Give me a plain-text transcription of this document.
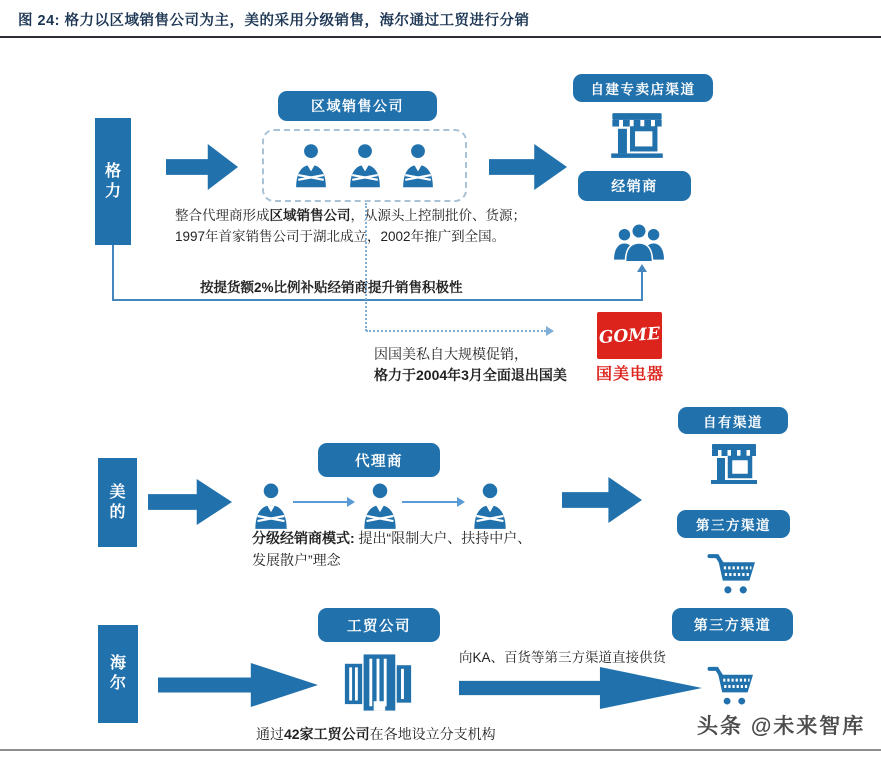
图 24: 格力以区域销售公司为主，美的采用分级销售，海尔通过工贸进行分销
格力
区域销售公司
自建专卖店渠道
经销商
整合代理商形成区域销售公司，从源头上控制批价、货源；
1997年首家销售公司于湖北成立，2002年推广到全国。
按提货额2%比例补贴经销商提升销售积极性
因国美私自大规模促销，
格力于2004年3月全面退出国美
GOME
国美电器
美的
代理商
分级经销商模式: 提出“限制大户、扶持中户、发展散户”理念
自有渠道
第三方渠道
海尔
工贸公司
通过42家工贸公司在各地设立分支机构
向KA、百货等第三方渠道直接供货
第三方渠道
头条 @未来智库
